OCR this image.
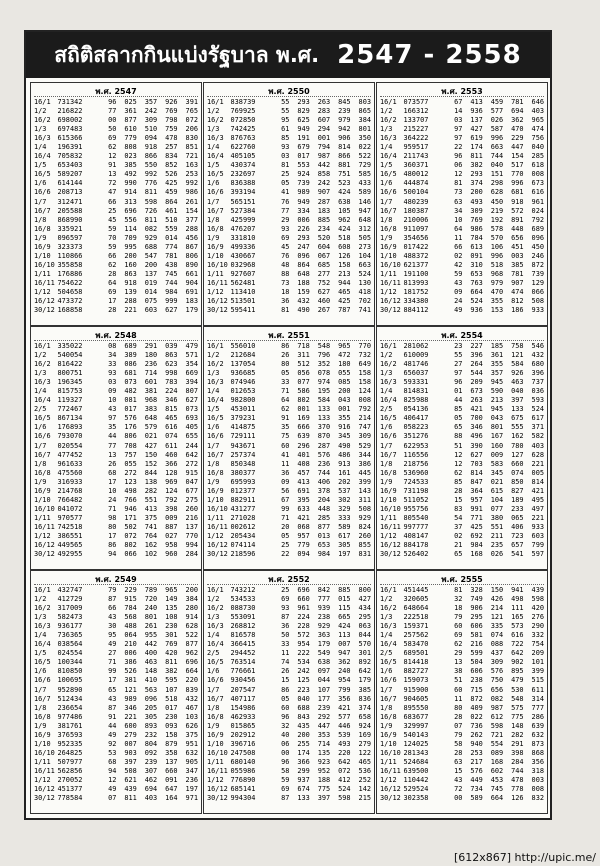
สถิติสลากกินแบ่งรัฐบาล พ.ศ. 2547 - 2558
พ.ศ. 2547
16/1	731342	96	025	357	926	391
1/2	216822	77	361	242	769	765
16/2	698002	00	877	309	798	072
1/3	697483	50	610	510	759	206
16/3	615366	69	779	094	478	830
1/4	196391	62	808	918	257	851
16/4	705832	12	023	866	834	721
1/5	653403	91	385	550	852	163
16/5	589207	13	492	992	526	253
1/6	614144	72	990	776	425	992
16/6	208713	47	914	811	459	986
1/7	312471	66	313	598	864	261
16/7	205588	25	696	726	461	154
1/8	868990	45	556	811	510	377
16/8	335921	59	114	082	559	288
1/9	096597	70	709	929	014	456
16/9	323373	59	995	688	774	867
1/10	110866	66	200	547	781	806
16/10	355858	62	160	200	438	890
1/11	176886	28	863	137	745	661
16/11	754622	64	918	019	744	904
1/12	504658	69	139	014	984	691
16/12	473372	17	288	075	999	183
30/12	168858	28	221	603	627	179
พ.ศ. 2550
16/1	838739	55	293	263	845	803
1/2	769925	55	829	283	239	865
16/2	072850	95	625	607	979	384
1/3	742425	61	949	294	942	801
16/3	876763	85	191	001	906	350
1/4	622760	93	679	794	814	022
16/4	405105	03	017	987	866	522
1/5	430374	81	553	442	881	729
16/5	232697	25	924	858	751	585
1/6	836388	05	739	242	523	433
16/6	393194	41	989	907	424	589
1/7	565151	76	949	287	638	146
16/7	527384	77	334	183	105	947
1/8	425999	29	006	885	962	648
16/8	476207	93	226	234	424	312
1/9	331810	69	293	520	518	505
16/9	499336	45	247	604	608	273
1/10	430667	76	096	067	126	104
16/10	032968	48	864	685	158	663
1/11	927607	88	648	277	213	524
16/11	562481	73	188	752	944	130
1/12	113410	18	159	627	465	418
16/12	513501	36	432	460	425	702
30/12	595411	81	490	267	787	741
พ.ศ. 2553
16/1	073577	67	413	459	781	646
1/2	166312	14	936	577	694	403
16/2	133707	03	137	026	362	965
1/3	215227	97	427	587	470	474
16/3	364222	97	619	996	229	756
1/4	959517	22	174	663	447	040
16/4	211743	96	811	744	154	285
1/5	360371	06	382	040	517	618
16/5	480012	12	293	151	770	008
1/6	444874	81	374	298	996	673
16/6	500104	73	200	628	681	616
1/7	480239	63	493	450	918	961
16/7	180387	34	309	219	572	024
1/8	210006	10	769	192	891	792
16/8	911097	64	986	578	448	689
1/9	354656	11	784	570	656	096
16/9	017422	66	613	106	451	450
1/10	488372	02	091	996	003	246
16/10	621377	42	310	518	385	872
1/11	191100	59	653	968	781	739
16/11	813993	43	763	979	907	129
1/12	181752	09	664	470	474	066
16/12	334380	24	524	355	812	508
30/12	884112	49	936	153	186	933
พ.ศ. 2548
16/1	335022	08	689	291	039	479
1/2	540054	34	389	180	863	571
16/2	816422	33	086	236	623	354
1/3	800751	93	681	714	998	669
16/3	196345	03	073	601	783	394
1/4	815753	09	482	381	224	807
16/4	119327	10	081	968	346	627
2/5	772467	43	017	383	815	073
16/5	867134	97	576	648	465	693
1/6	176893	35	176	579	616	405
16/6	793070	44	806	021	074	655
1/7	020554	77	708	427	611	244
16/7	477452	13	757	150	460	642
1/8	961633	26	055	152	366	272
16/8	475560	68	272	844	128	915
1/9	316933	17	123	138	969	047
16/9	214768	10	498	282	124	677
1/10	766482	24	766	551	792	275
16/10	041072	71	946	413	398	260
1/11	970577	98	171	375	009	216
16/11	742518	80	502	741	887	137
1/12	386551	17	072	764	027	770
16/12	449565	86	802	162	958	994
30/12	492955	94	066	102	960	284
พ.ศ. 2551
16/1	556010	86	718	548	965	770
1/2	212684	26	311	796	472	732
16/2	137054	80	512	352	180	649
1/3	936685	05	056	078	055	158
16/3	074946	33	077	974	085	158
1/4	012653	71	586	195	200	124
16/4	982800	64	802	584	043	008
1/5	453011	62	001	133	001	792
16/5	379231	91	169	133	355	214
1/6	414875	35	666	370	916	747
16/6	729111	75	639	870	345	309
1/7	943671	60	296	287	490	529
16/7	257374	41	401	576	486	344
1/8	850348	11	408	236	913	386
16/8	380377	36	457	744	161	445
1/9	695993	09	413	406	202	399
16/9	012377	56	691	378	537	143
1/10	882911	67	395	204	302	311
16/10	431277	99	633	448	329	508
1/11	271028	71	421	285	333	929
16/11	002612	20	068	877	589	824
1/12	205434	05	957	013	617	260
16/12	074114	25	779	653	305	855
30/12	218596	22	094	984	197	831
พ.ศ. 2554
16/1	281062	23	227	185	758	546
1/2	610009	55	396	361	121	432
16/2	481746	27	264	355	584	680
1/3	656037	97	544	357	926	396
16/3	593331	96	209	945	463	737
1/4	814831	01	673	590	040	036
16/4	825988	44	263	213	397	593
2/5	054136	85	421	945	133	524
16/5	406417	05	700	043	675	617
1/6	058223	65	346	801	555	371
16/6	351276	88	496	167	162	582
1/7	622953	51	390	160	780	403
16/7	116556	12	627	009	127	628
1/8	218756	12	703	583	660	221
16/8	536960	62	814	345	074	005
1/9	724533	85	847	021	850	814
16/9	731198	28	364	615	827	421
1/10	511052	15	957	104	189	495
16/10	955756	83	991	077	233	497
1/11	805540	54	771	380	065	221
16/11	997777	37	425	551	406	933
1/12	408147	02	692	211	723	603
16/12	884178	21	984	235	657	799
30/12	526402	65	168	026	541	597
พ.ศ. 2549
16/1	432747	79	229	789	965	200
1/2	412729	87	915	720	149	384
16/2	317009	66	784	240	135	280
1/3	582473	43	568	801	108	914
16/3	936177	30	488	261	230	628
1/4	736365	95	064	955	301	522
16/4	038564	49	210	442	769	877
1/5	024554	27	006	400	420	962
16/5	100344	71	386	463	811	696
1/6	810850	99	526	148	382	664
16/6	100695	17	381	410	595	220
1/7	952890	65	121	563	107	839
16/7	512434	43	989	096	518	432
1/8	236654	87	346	205	017	467
16/8	977486	91	221	305	230	103
1/9	381761	44	600	893	093	626
16/9	376593	49	279	232	158	375
1/10	952335	92	007	804	879	951
16/10	264825	53	903	092	358	632
1/11	507977	68	397	239	137	905
16/11	562856	94	508	307	660	347
1/12	270052	12	621	462	091	236
16/12	451377	49	439	694	647	197
30/12	778584	07	811	403	164	971
พ.ศ. 2552
16/1	743212	25	696	842	885	800
1/2	534533	69	660	777	015	427
16/2	088730	93	961	939	115	434
1/3	553091	87	224	238	665	295
16/3	268812	36	228	929	424	063
1/4	816578	50	572	363	113	044
16/4	366415	33	954	179	007	570
2/5	294452	11	222	549	947	301
16/5	763514	74	534	638	362	892
1/6	776661	26	242	097	240	642
16/6	930456	15	125	044	954	179
1/7	207547	86	223	107	799	385
16/7	407117	05	040	177	356	836
1/8	154986	60	688	239	421	374
16/8	462933	96	843	292	577	658
1/9	015865	32	435	447	446	924
16/9	202912	40	200	353	539	169
1/10	396716	06	255	714	493	279
16/10	247508	00	174	135	220	122
1/11	680140	96	366	923	642	465
16/11	055986	58	299	952	072	536
1/12	776890	59	937	188	412	252
16/12	685141	69	674	775	524	142
30/12	994304	87	133	397	598	215
พ.ศ. 2555
16/1	451445	81	328	150	941	439
1/2	320605	32	749	426	498	598
16/2	648664	18	906	214	111	420
1/3	222518	79	295	121	165	276
16/3	159371	60	606	335	573	290
1/4	257562	69	581	074	616	332
16/4	583470	62	216	088	722	754
2/5	689501	29	599	437	642	209
16/5	814418	13	504	309	902	101
1/6	882727	38	606	576	895	399
16/6	159073	51	238	750	479	515
1/7	915900	60	715	656	530	611
16/7	904605	11	872	082	548	314
1/8	895550	80	409	987	575	777
16/8	683677	28	022	612	775	286
1/9	329997	07	736	598	148	639
16/9	540143	79	262	721	282	632
1/10	124025	58	940	554	291	873
16/10	281343	28	253	089	398	868
1/11	524684	63	217	168	284	356
16/11	639500	15	576	602	744	318
1/12	110442	43	449	453	478	003
16/12	529524	72	734	745	778	008
30/12	302358	00	589	664	126	832
[612x867] http://upic.me/
